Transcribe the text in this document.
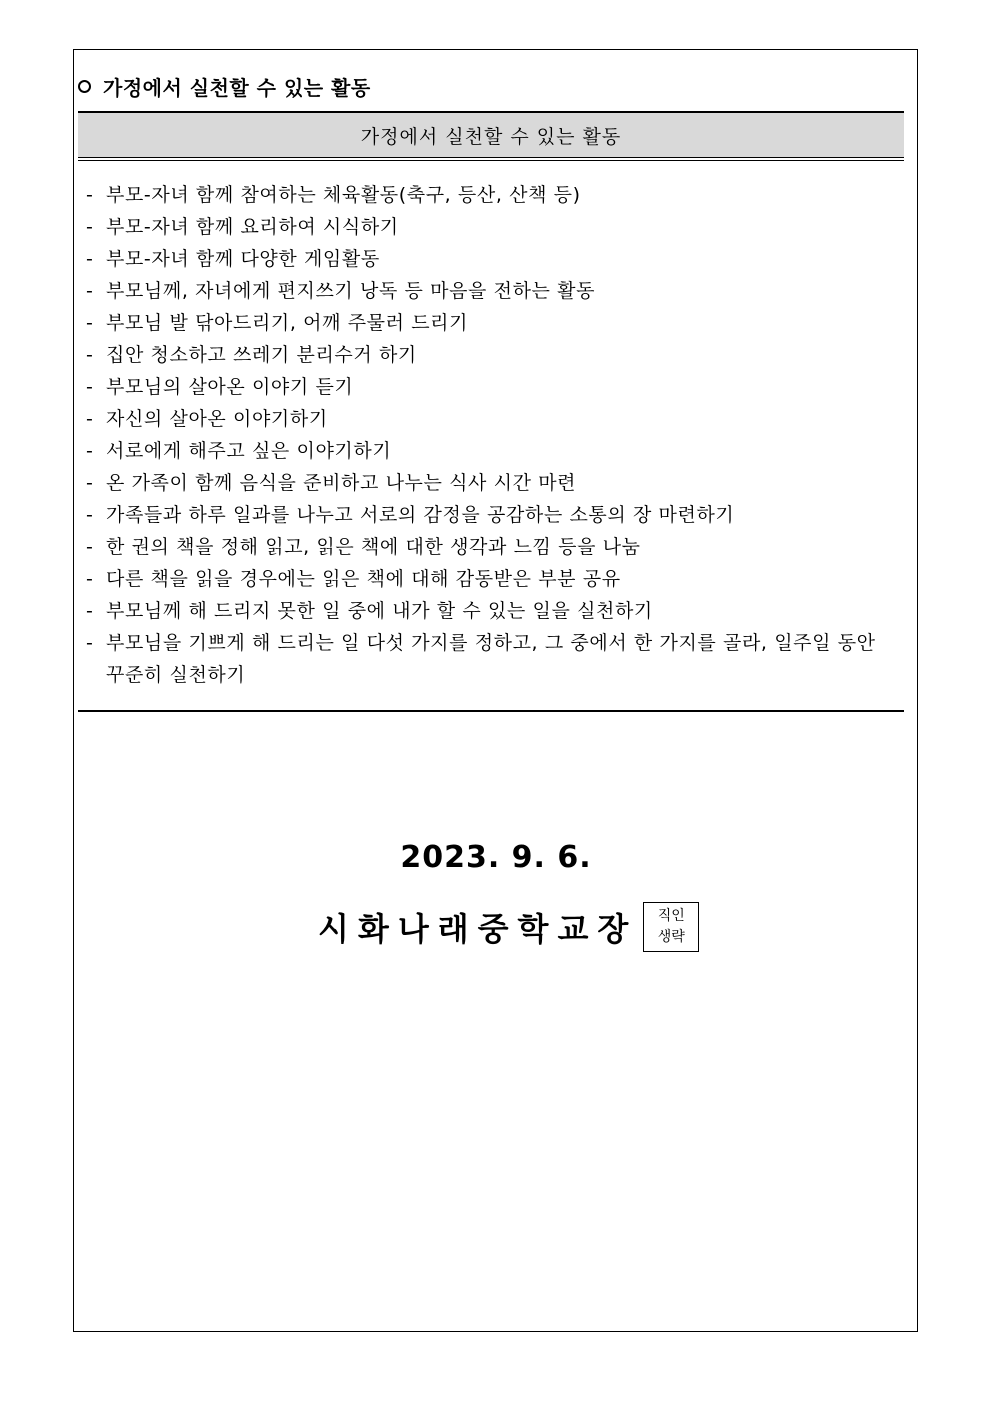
가정에서 실천할 수 있는 활동
가정에서 실천할 수 있는 활동
- 부모-자녀 함께 참여하는 체육활동(축구, 등산, 산책 등)
- 부모-자녀 함께 요리하여 시식하기
- 부모-자녀 함께 다양한 게임활동
- 부모님께, 자녀에게 편지쓰기 낭독 등 마음을 전하는 활동
- 부모님 발 닦아드리기, 어깨 주물러 드리기
- 집안 청소하고 쓰레기 분리수거 하기
- 부모님의 살아온 이야기 듣기
- 자신의 살아온 이야기하기
- 서로에게 해주고 싶은 이야기하기
- 온 가족이 함께 음식을 준비하고 나누는 식사 시간 마련
- 가족들과 하루 일과를 나누고 서로의 감정을 공감하는 소통의 장 마련하기
- 한 권의 책을 정해 읽고, 읽은 책에 대한 생각과 느낌 등을 나눔
- 다른 책을 읽을 경우에는 읽은 책에 대해 감동받은 부분 공유
- 부모님께 해 드리지 못한 일 중에 내가 할 수 있는 일을 실천하기
- 부모님을 기쁘게 해 드리는 일 다섯 가지를 정하고, 그 중에서 한 가지를 골라, 일주일 동안 꾸준히 실천하기
2023. 9. 6.
시화나래중학교장 직인
생략
